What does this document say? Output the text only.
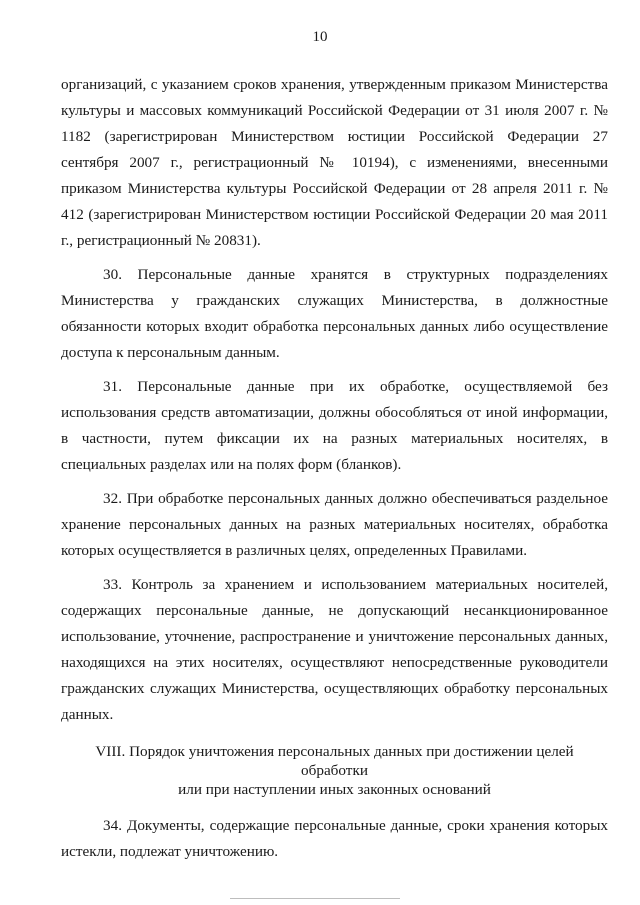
10

организаций, с указанием сроков хранения, утвержденным приказом Министерства культуры и массовых коммуникаций Российской Федерации от 31 июля 2007 г. № 1182 (зарегистрирован Министерством юстиции Российской Федерации 27 сентября 2007 г., регистрационный № 10194), с изменениями, внесенными приказом Министерства культуры Российской Федерации от 28 апреля 2011 г. № 412 (зарегистрирован Министерством юстиции Российской Федерации 20 мая 2011 г., регистрационный № 20831).

30. Персональные данные хранятся в структурных подразделениях Министерства у гражданских служащих Министерства, в должностные обязанности которых входит обработка персональных данных либо осуществление доступа к персональным данным.

31. Персональные данные при их обработке, осуществляемой без использования средств автоматизации, должны обособляться от иной информации, в частности, путем фиксации их на разных материальных носителях, в специальных разделах или на полях форм (бланков).

32. При обработке персональных данных должно обеспечиваться раздельное хранение персональных данных на разных материальных носителях, обработка которых осуществляется в различных целях, определенных Правилами.

33. Контроль за хранением и использованием материальных носителей, содержащих персональные данные, не допускающий несанкционированное использование, уточнение, распространение и уничтожение персональных данных, находящихся на этих носителях, осуществляют непосредственные руководители гражданских служащих Министерства, осуществляющих обработку персональных данных.

VIII. Порядок уничтожения персональных данных при достижении целей обработки
или при наступлении иных законных оснований

34. Документы, содержащие персональные данные, сроки хранения которых истекли, подлежат уничтожению.
